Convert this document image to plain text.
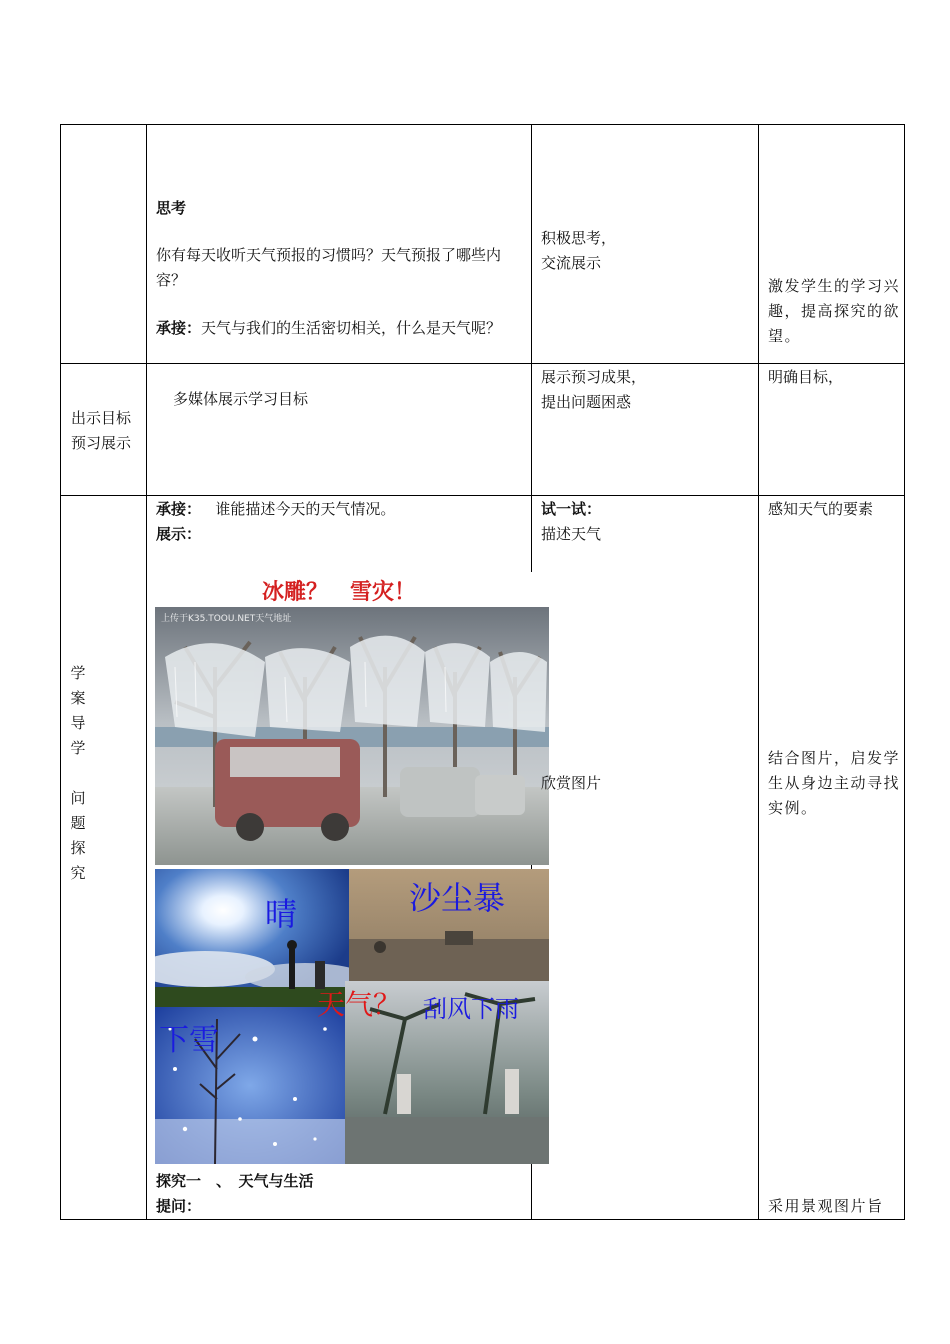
思考
你有每天收听天气预报的习惯吗？天气预报了哪些内容？
承接：天气与我们的生活密切相关，什么是天气呢？
积极思考，
交流展示
激发学生的学习兴趣，提高探究的欲望。
出示目标
预习展示
多媒体展示学习目标
展示预习成果，
提出问题困惑
明确目标，
学
案
导
学
问
题
探
究
承接： 谁能描述今天的天气情况。
展示：
冰雕？　雪灾！
上传于K35.TOOU.NET天气地址
晴	沙尘暴
天气？ 刮风下雨
下雪
探究一　、　天气与生活
提问：
试一试：
描述天气
欣赏图片
感知天气的要素
结合图片，启发学生从身边主动寻找实例。
采用景观图片旨
